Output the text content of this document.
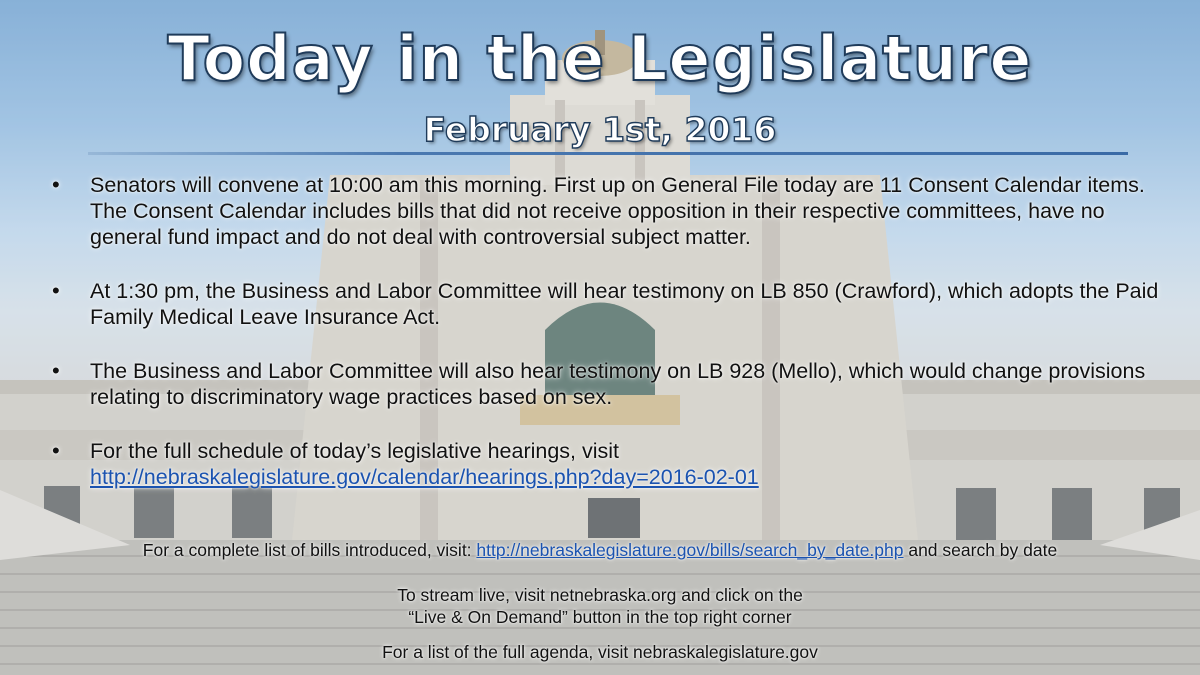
Today in the Legislature
February 1st, 2016
• Senators will convene at 10:00 am this morning. First up on General File today are 11 Consent Calendar items. The Consent Calendar includes bills that did not receive opposition in their respective committees, have no general fund impact and do not deal with controversial subject matter.
• At 1:30 pm, the Business and Labor Committee will hear testimony on LB 850 (Crawford), which adopts the Paid Family Medical Leave Insurance Act.
• The Business and Labor Committee will also hear testimony on LB 928 (Mello), which would change provisions relating to discriminatory wage practices based on sex.
• For the full schedule of today’s legislative hearings, visit
http://nebraskalegislature.gov/calendar/hearings.php?day=2016-02-01
For a complete list of bills introduced, visit: http://nebraskalegislature.gov/bills/search_by_date.php and search by date
To stream live, visit netnebraska.org and click on the
“Live & On Demand” button in the top right corner
For a list of the full agenda, visit nebraskalegislature.gov
